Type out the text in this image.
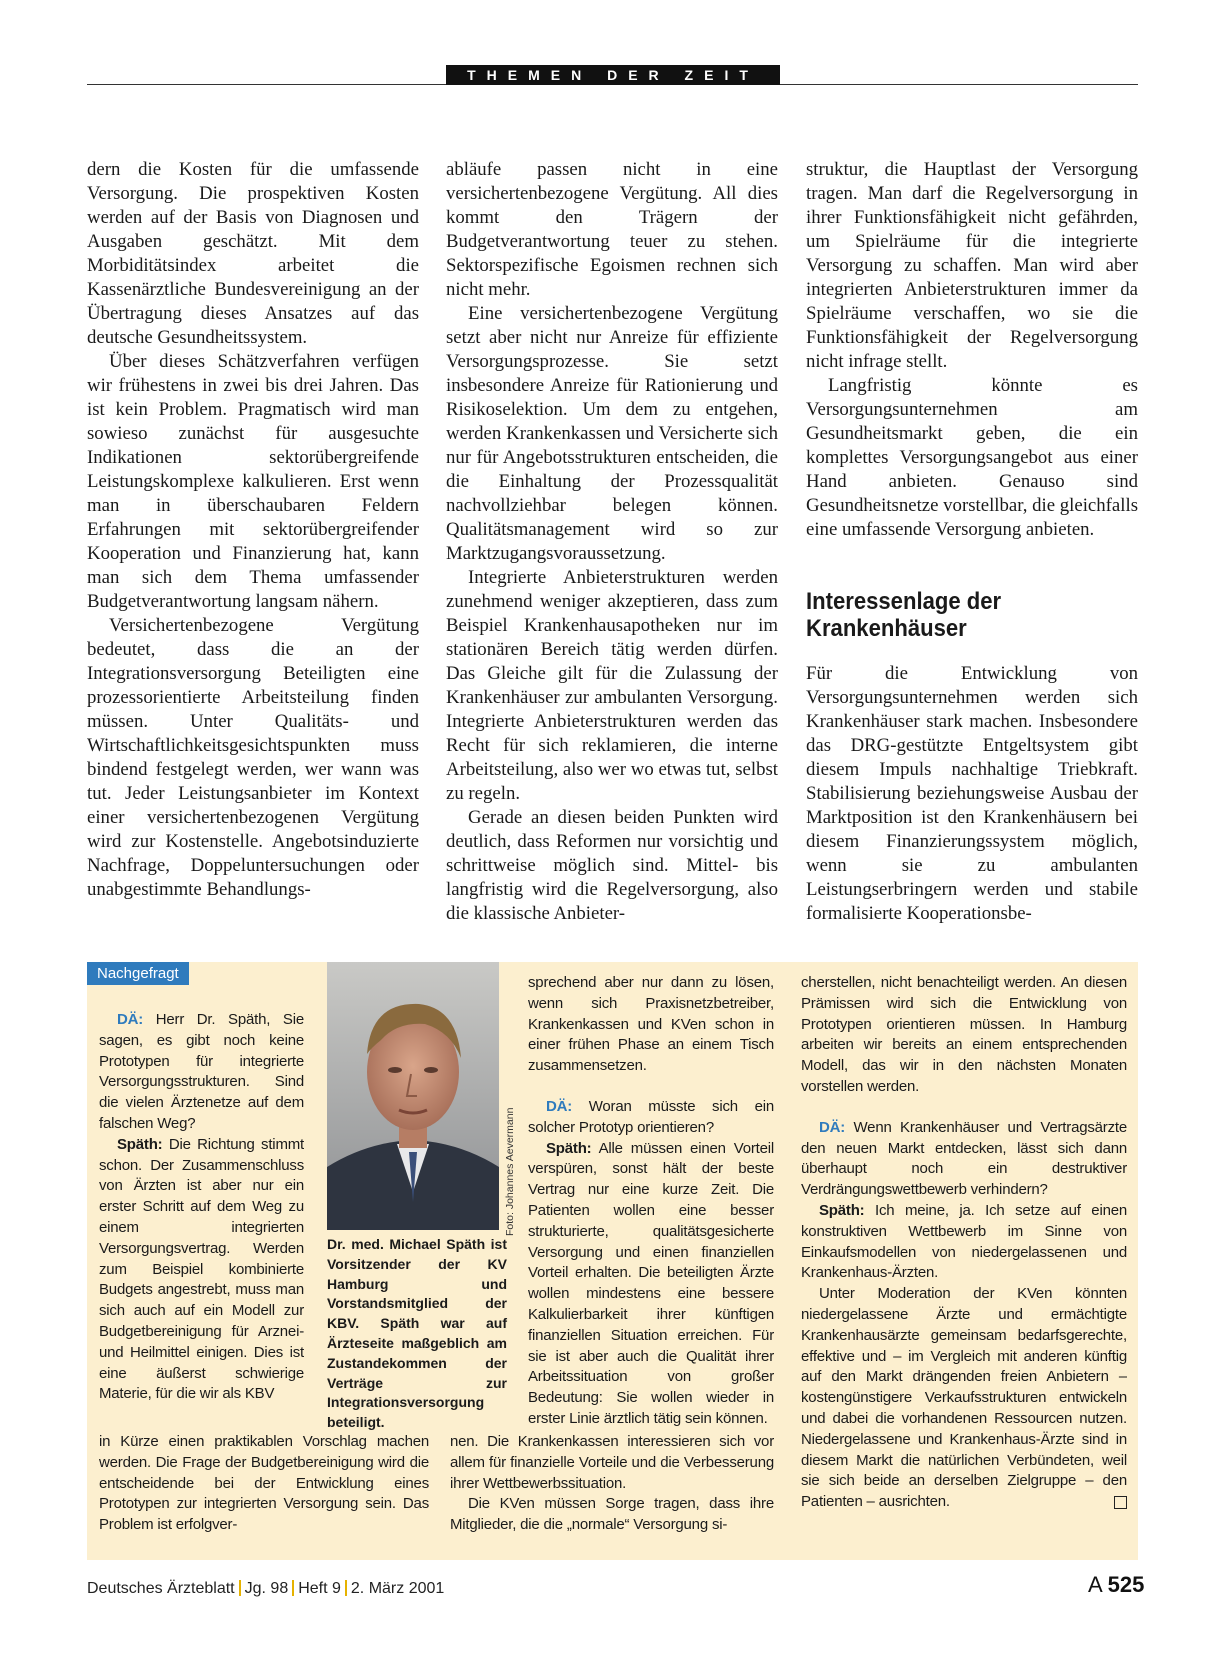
THEMEN DER ZEIT

dern die Kosten für die umfassende Versorgung. Die prospektiven Kosten werden auf der Basis von Diagnosen und Ausgaben geschätzt. Mit dem Morbiditätsindex arbeitet die Kassenärztliche Bundesvereinigung an der Übertragung dieses Ansatzes auf das deutsche Gesundheitssystem.

Über dieses Schätzverfahren verfügen wir frühestens in zwei bis drei Jahren. Das ist kein Problem. Pragmatisch wird man sowieso zunächst für ausgesuchte Indikationen sektorübergreifende Leistungskomplexe kalkulieren. Erst wenn man in überschaubaren Feldern Erfahrungen mit sektorübergreifender Kooperation und Finanzierung hat, kann man sich dem Thema umfassender Budgetverantwortung langsam nähern.

Versichertenbezogene Vergütung bedeutet, dass die an der Integrationsversorgung Beteiligten eine prozessorientierte Arbeitsteilung finden müssen. Unter Qualitäts- und Wirtschaftlichkeitsgesichtspunkten muss bindend festgelegt werden, wer wann was tut. Jeder Leistungsanbieter im Kontext einer versichertenbezogenen Vergütung wird zur Kostenstelle. Angebotsinduzierte Nachfrage, Doppeluntersuchungen oder unabgestimmte Behandlungs-

abläufe passen nicht in eine versichertenbezogene Vergütung. All dies kommt den Trägern der Budgetverantwortung teuer zu stehen. Sektorspezifische Egoismen rechnen sich nicht mehr.

Eine versichertenbezogene Vergütung setzt aber nicht nur Anreize für effiziente Versorgungsprozesse. Sie setzt insbesondere Anreize für Rationierung und Risikoselektion. Um dem zu entgehen, werden Krankenkassen und Versicherte sich nur für Angebotsstrukturen entscheiden, die die Einhaltung der Prozessqualität nachvollziehbar belegen können. Qualitätsmanagement wird so zur Marktzugangsvoraussetzung.

Integrierte Anbieterstrukturen werden zunehmend weniger akzeptieren, dass zum Beispiel Krankenhausapotheken nur im stationären Bereich tätig werden dürfen. Das Gleiche gilt für die Zulassung der Krankenhäuser zur ambulanten Versorgung. Integrierte Anbieterstrukturen werden das Recht für sich reklamieren, die interne Arbeitsteilung, also wer wo etwas tut, selbst zu regeln.

Gerade an diesen beiden Punkten wird deutlich, dass Reformen nur vorsichtig und schrittweise möglich sind. Mittel- bis langfristig wird die Regelversorgung, also die klassische Anbieter-

struktur, die Hauptlast der Versorgung tragen. Man darf die Regelversorgung in ihrer Funktionsfähigkeit nicht gefährden, um Spielräume für die integrierte Versorgung zu schaffen. Man wird aber integrierten Anbieterstrukturen immer da Spielräume verschaffen, wo sie die Funktionsfähigkeit der Regelversorgung nicht infrage stellt.

Langfristig könnte es Versorgungsunternehmen am Gesundheitsmarkt geben, die ein komplettes Versorgungsangebot aus einer Hand anbieten. Genauso sind Gesundheitsnetze vorstellbar, die gleichfalls eine umfassende Versorgung anbieten.

Interessenlage der Krankenhäuser

Für die Entwicklung von Versorgungsunternehmen werden sich Krankenhäuser stark machen. Insbesondere das DRG-gestützte Entgeltsystem gibt diesem Impuls nachhaltige Triebkraft. Stabilisierung beziehungsweise Ausbau der Marktposition ist den Krankenhäusern bei diesem Finanzierungssystem möglich, wenn sie zu ambulanten Leistungserbringern werden und stabile formalisierte Kooperationsbe-

Nachgefragt

DÄ: Herr Dr. Späth, Sie sagen, es gibt noch keine Prototypen für integrierte Versorgungsstrukturen. Sind die vielen Ärztenetze auf dem falschen Weg?

Späth: Die Richtung stimmt schon. Der Zusammenschluss von Ärzten ist aber nur ein erster Schritt auf dem Weg zu einem integrierten Versorgungsvertrag. Werden zum Beispiel kombinierte Budgets angestrebt, muss man sich auch auf ein Modell zur Budgetbereinigung für Arznei- und Heilmittel einigen. Dies ist eine äußerst schwierige Materie, für die wir als KBV

Foto: Johannes Aevermann
Dr. med. Michael Späth ist Vorsitzender der KV Hamburg und Vorstandsmitglied der KBV. Späth war auf Ärzteseite maßgeblich am Zustandekommen der Verträge zur Integrationsversorgung beteiligt.

in Kürze einen praktikablen Vorschlag machen werden. Die Frage der Budgetbereinigung wird die entscheidende bei der Entwicklung eines Prototypen zur integrierten Versorgung sein. Das Problem ist erfolgver-

sprechend aber nur dann zu lösen, wenn sich Praxisnetzbetreiber, Krankenkassen und KVen schon in einer frühen Phase an einem Tisch zusammensetzen.

DÄ: Woran müsste sich ein solcher Prototyp orientieren?

Späth: Alle müssen einen Vorteil verspüren, sonst hält der beste Vertrag nur eine kurze Zeit. Die Patienten wollen eine besser strukturierte, qualitätsgesicherte Versorgung und einen finanziellen Vorteil erhalten. Die beteiligten Ärzte wollen mindestens eine bessere Kalkulierbarkeit ihrer künftigen finanziellen Situation erreichen. Für sie ist aber auch die Qualität ihrer Arbeitssituation von großer Bedeutung: Sie wollen wieder in erster Linie ärztlich tätig sein können.

nen. Die Krankenkassen interessieren sich vor allem für finanzielle Vorteile und die Verbesserung ihrer Wettbewerbssituation.

Die KVen müssen Sorge tragen, dass ihre Mitglieder, die die „normale“ Versorgung si-

cherstellen, nicht benachteiligt werden. An diesen Prämissen wird sich die Entwicklung von Prototypen orientieren müssen. In Hamburg arbeiten wir bereits an einem entsprechenden Modell, das wir in den nächsten Monaten vorstellen werden.

DÄ: Wenn Krankenhäuser und Vertragsärzte den neuen Markt entdecken, lässt sich dann überhaupt noch ein destruktiver Verdrängungswettbewerb verhindern?

Späth: Ich meine, ja. Ich setze auf einen konstruktiven Wettbewerb im Sinne von Einkaufsmodellen von niedergelassenen und Krankenhaus-Ärzten.

Unter Moderation der KVen könnten niedergelassene Ärzte und ermächtigte Krankenhausärzte gemeinsam bedarfsgerechte, effektive und – im Vergleich mit anderen künftig auf den Markt drängenden freien Anbietern – kostengünstigere Verkaufsstrukturen entwickeln und dabei die vorhandenen Ressourcen nutzen. Niedergelassene und Krankenhaus-Ärzte sind in diesem Markt die natürlichen Verbündeten, weil sie sich beide an derselben Zielgruppe – den Patienten – ausrichten.

Deutsches Ärzteblatt Jg. 98 Heft 9 2. März 2001	A 525
